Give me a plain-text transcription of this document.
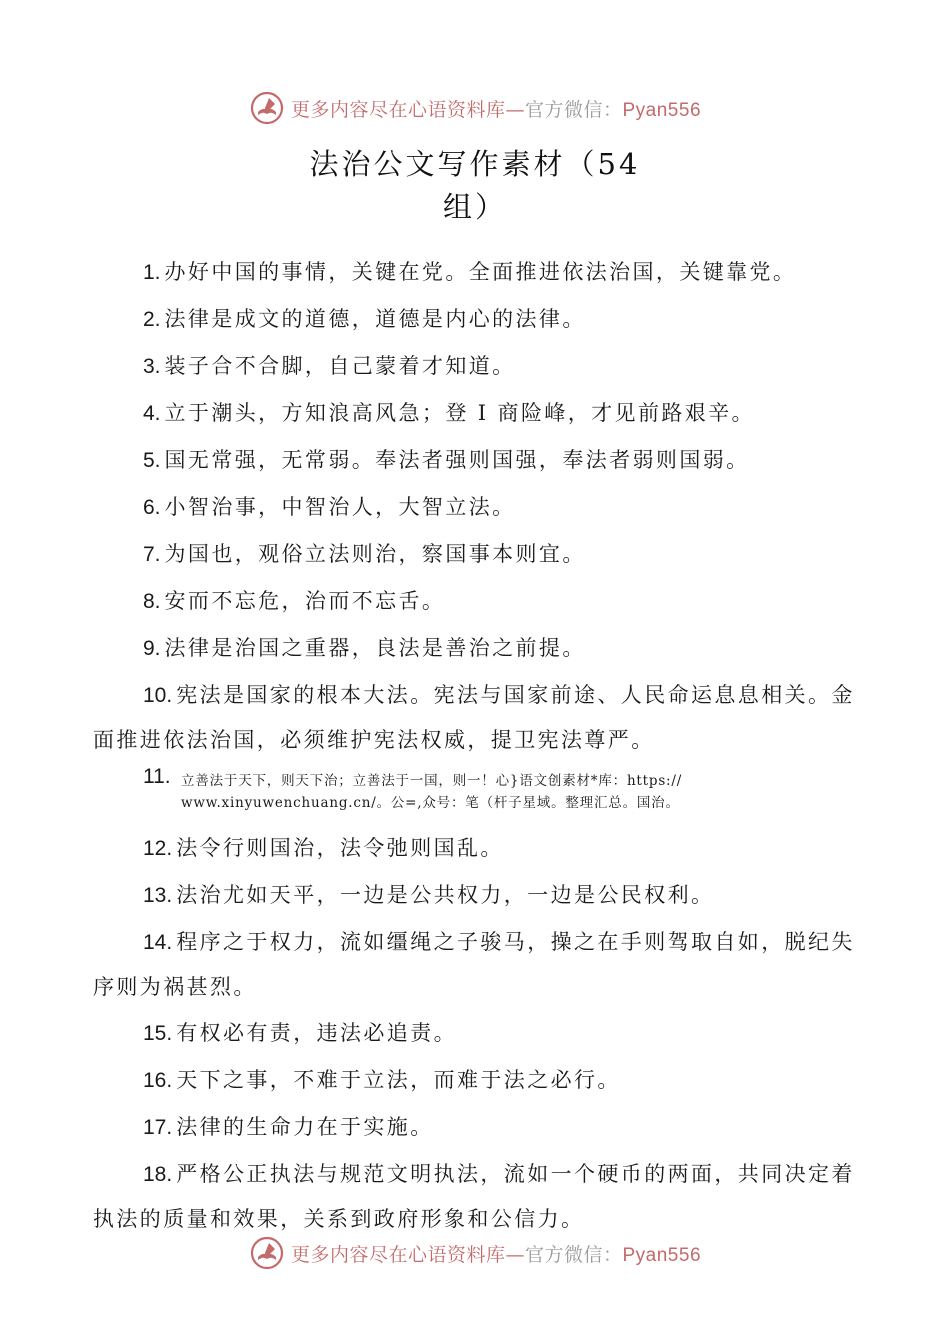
更多内容尽在心语资料库—官方微信：Pyan556
法治公文写作素材（54
组）
1. 办好中国的事情，关键在党。全面推进依法治国，关键靠党。
2. 法律是成文的道德，道德是内心的法律。
3. 装子合不合脚，自己蒙着才知道。
4. 立于潮头，方知浪高风急；登 I 商险峰，才见前路艰辛。
5. 国无常强，无常弱。奉法者强则国强，奉法者弱则国弱。
6. 小智治事，中智治人，大智立法。
7. 为国也，观俗立法则治，察国事本则宜。
8. 安而不忘危，治而不忘舌。
9. 法律是治国之重器，良法是善治之前提。
10. 宪法是国家的根本大法。宪法与国家前途、人民命运息息相关。金面推进依法治国，必须维护宪法权威，提卫宪法尊严。
11. 立善法于天下，则天下治；立善法于一国，则一！心}语文创素材*库：https://
www.xinyuwenchuang.cn/。公=,众号：笔（杆子星域。整理汇总。国治。
12. 法令行则国治，法令弛则国乱。
13. 法治尤如天平，一边是公共权力，一边是公民权利。
14. 程序之于权力，流如缰绳之子骏马，操之在手则驾取自如，脱纪失序则为祸甚烈。
15. 有权必有责，违法必追责。
16. 天下之事，不难于立法，而难于法之必行。
17. 法律的生命力在于实施。
18. 严格公正执法与规范文明执法，流如一个硬币的两面，共同决定着执法的质量和效果，关系到政府形象和公信力。
更多内容尽在心语资料库—官方微信：Pyan556
